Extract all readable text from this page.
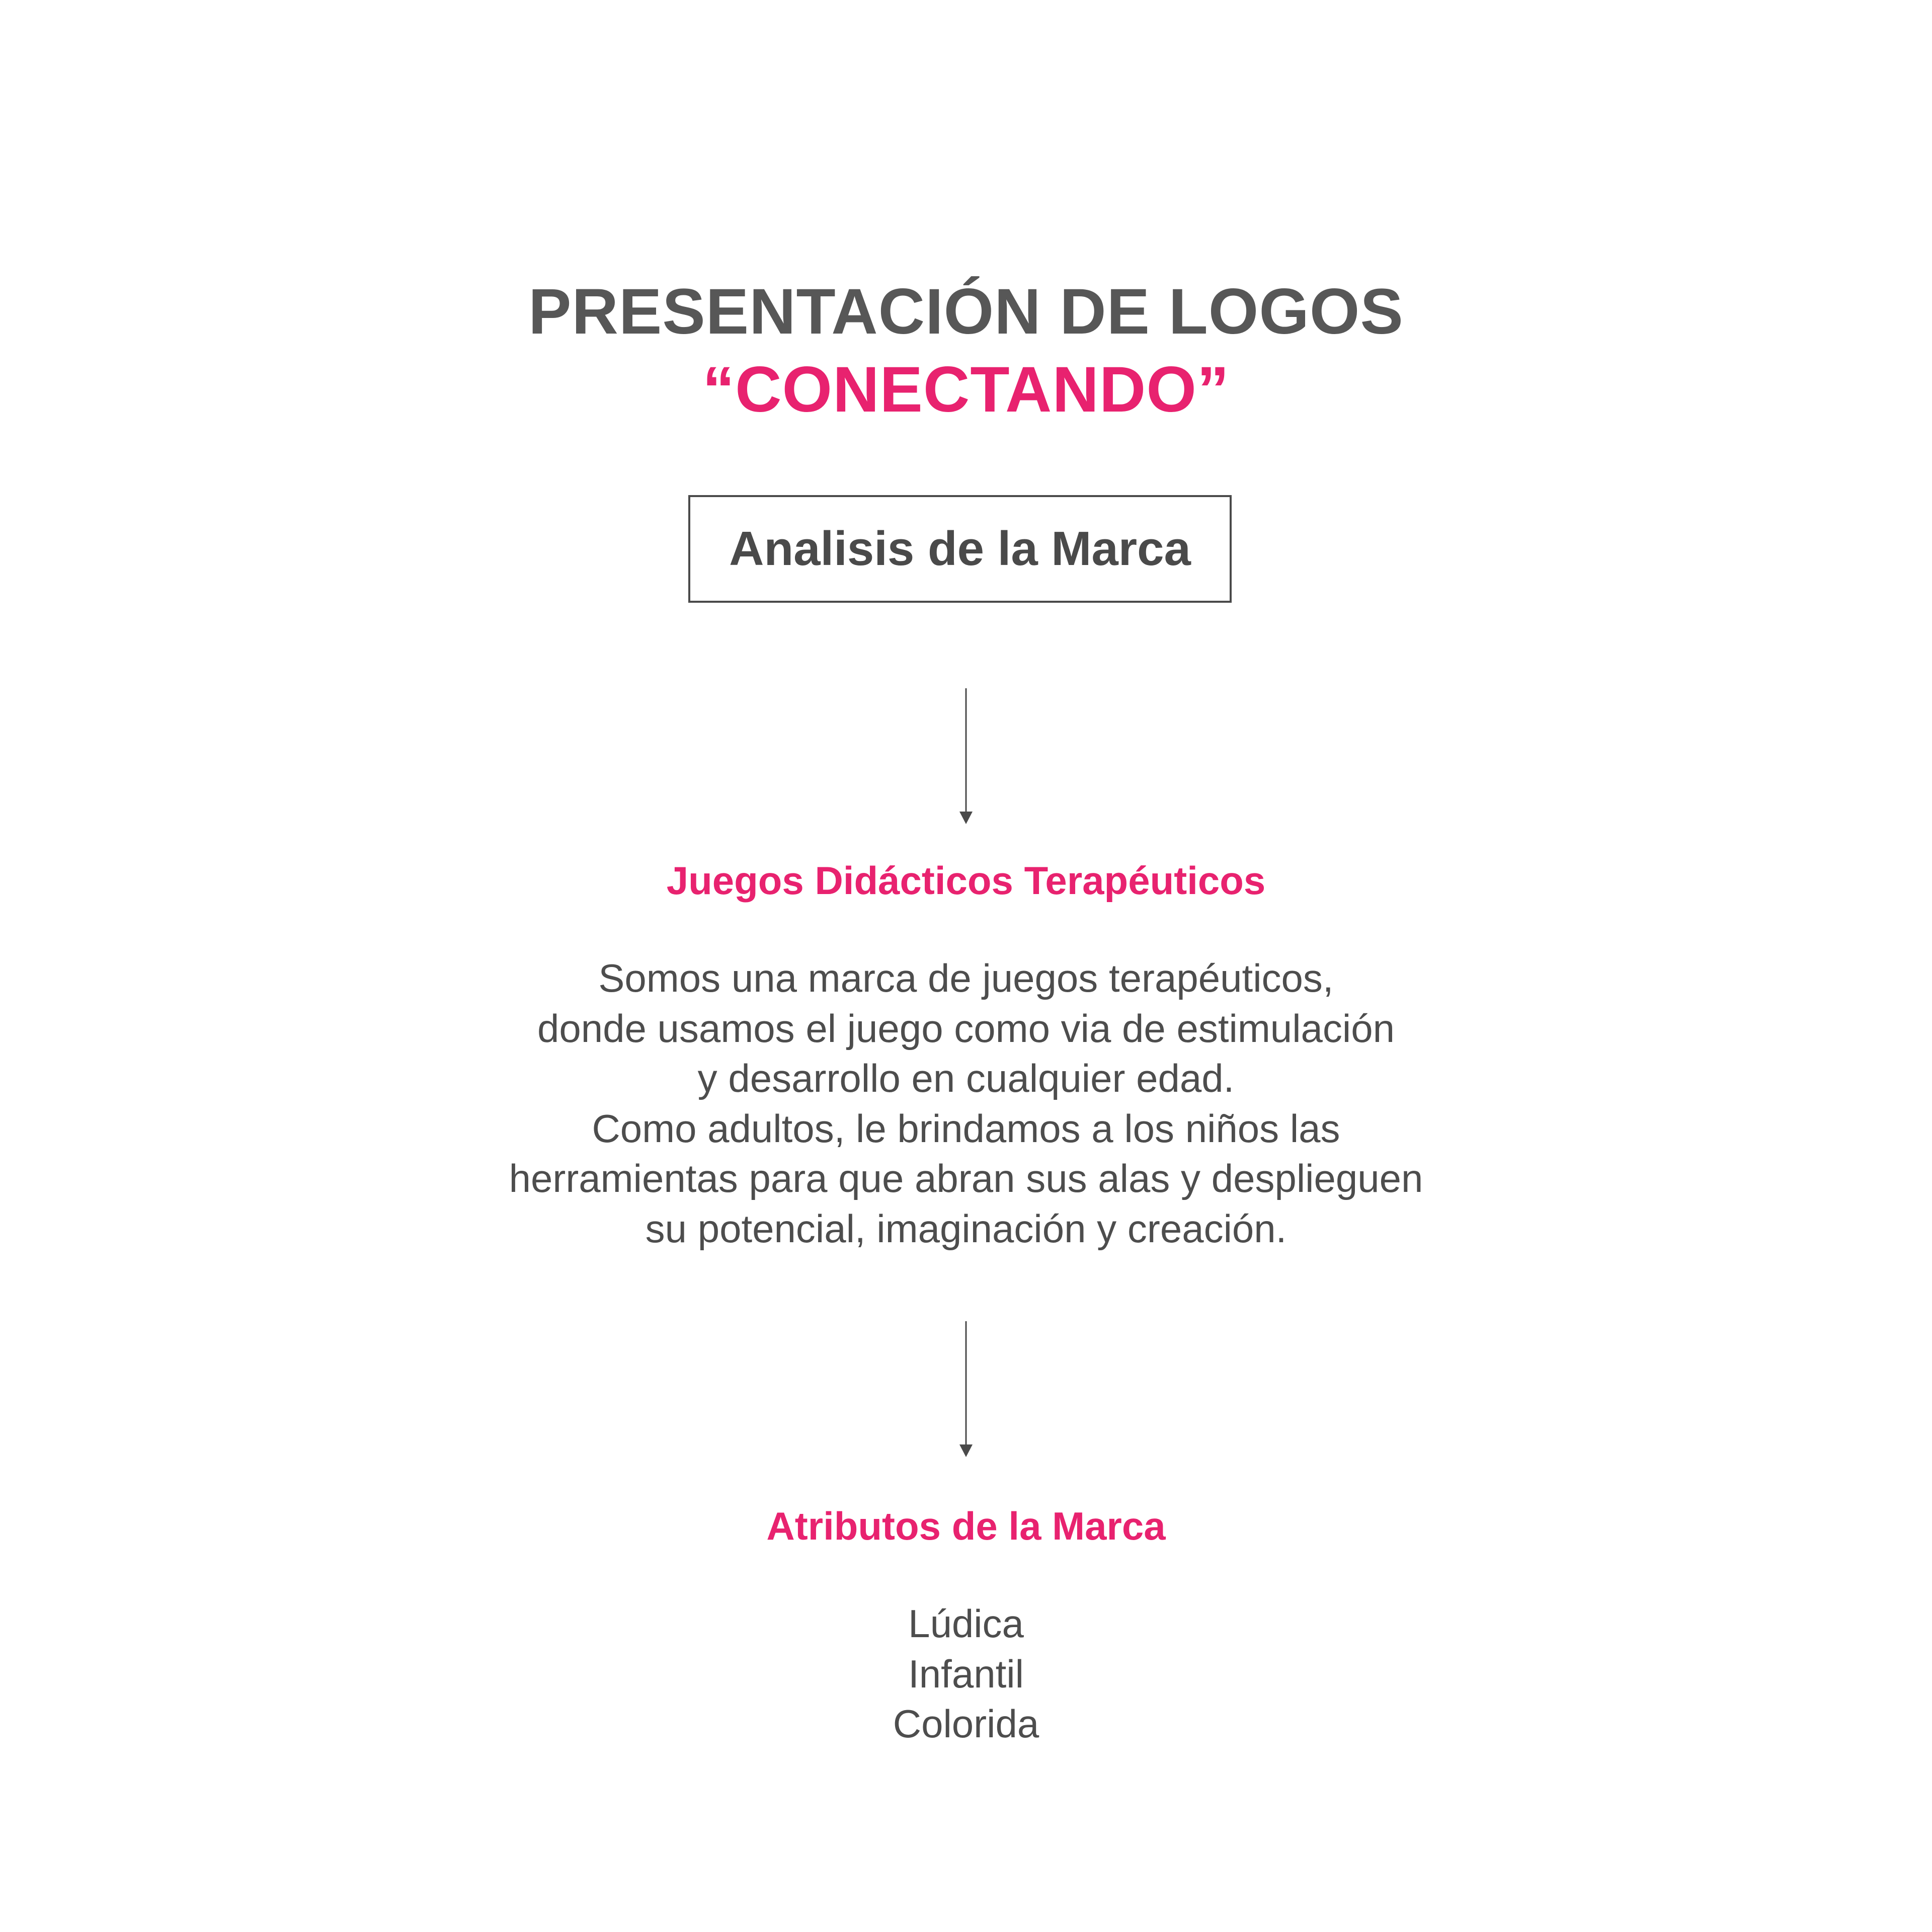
PRESENTACIÓN DE LOGOS
“CONECTANDO”
Analisis de la Marca
Juegos Didácticos Terapéuticos
Somos una marca de juegos terapéuticos,
donde usamos el juego como via de estimulación
y desarrollo en cualquier edad.
Como adultos, le brindamos a los niños las
herramientas para que abran sus alas y desplieguen
su potencial, imaginación y creación.
Atributos de la Marca
Lúdica
Infantil
Colorida
